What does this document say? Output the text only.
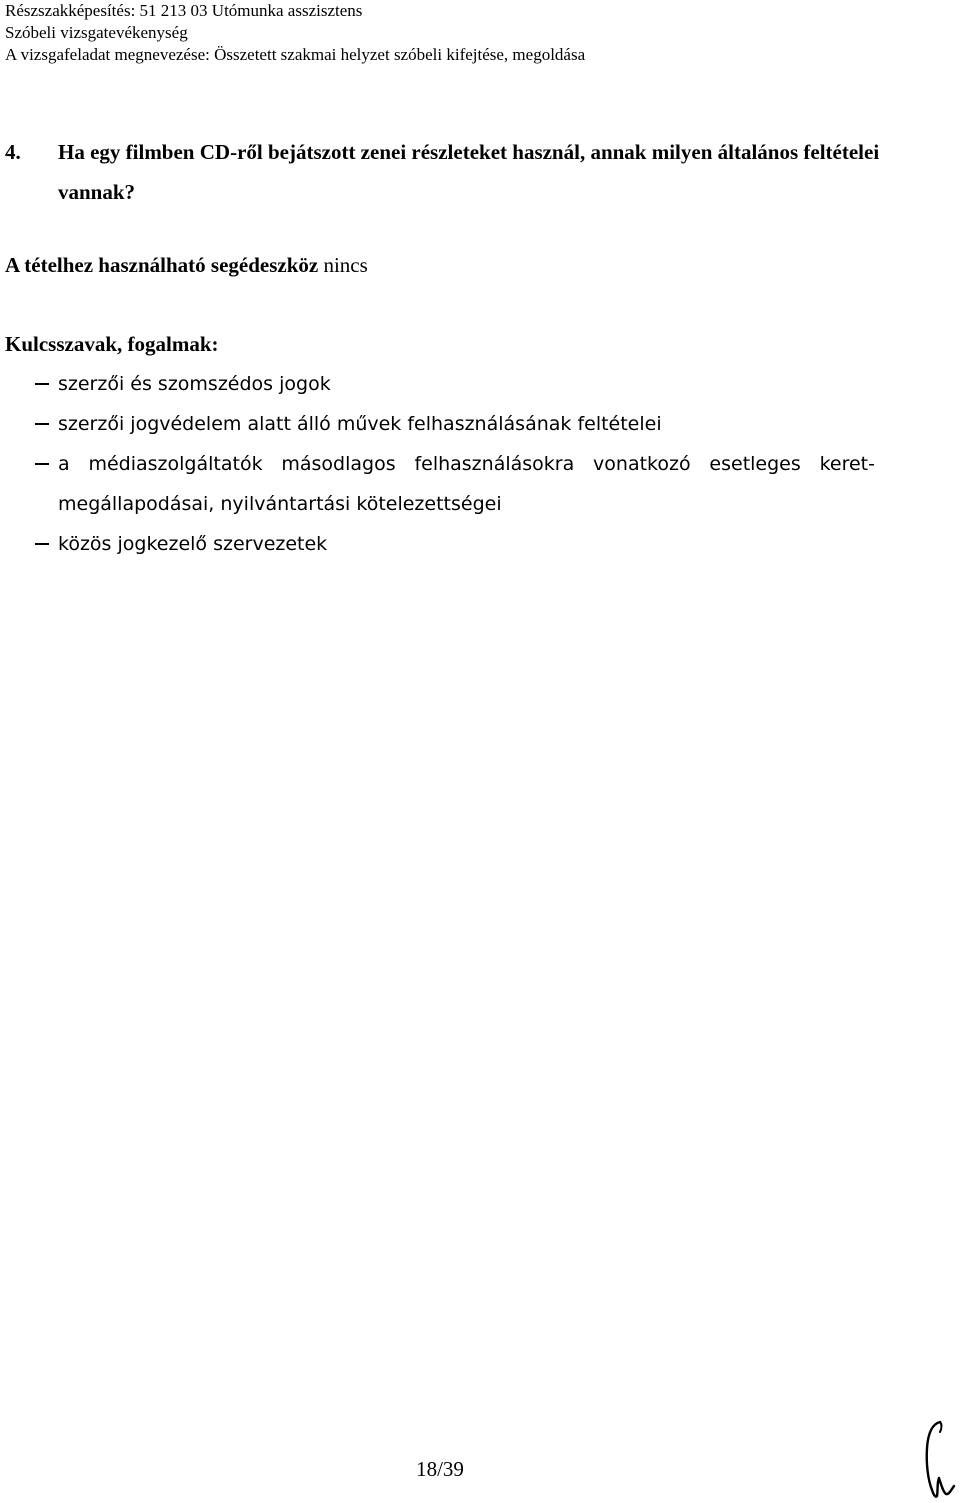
Részszakképesítés: 51 213 03 Utómunka asszisztens
Szóbeli vizsgatevékenység
A vizsgafeladat megnevezése: Összetett szakmai helyzet szóbeli kifejtése, megoldása
4. Ha egy filmben CD-ről bejátszott zenei részleteket használ, annak milyen általános feltételei vannak?
A tételhez használható segédeszköz nincs
Kulcsszavak, fogalmak:
szerzői és szomszédos jogok
szerzői jogvédelem alatt álló művek felhasználásának feltételei
a médiaszolgáltatók másodlagos felhasználásokra vonatkozó esetleges keret-megállapodásai, nyilvántartási kötelezettségei
közös jogkezelő szervezetek
18/39
